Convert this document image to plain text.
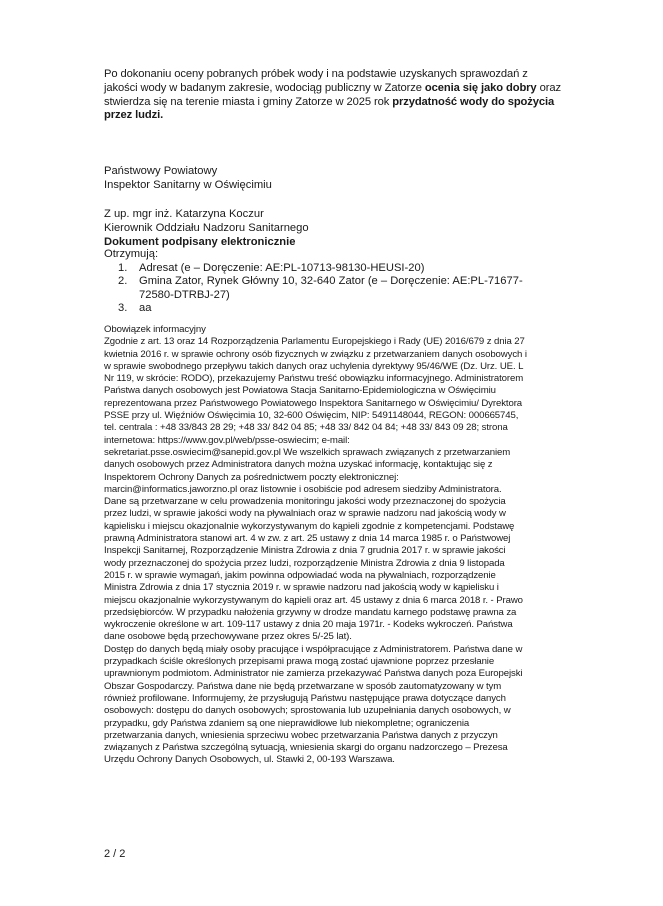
Po dokonaniu oceny pobranych próbek wody i na podstawie uzyskanych sprawozdań z
jakości wody w badanym zakresie, wodociąg publiczny w Zatorze ocenia się jako dobry oraz
stwierdza się na terenie miasta i gminy Zatorze w 2025 rok przydatność wody do spożycia
przez ludzi.
Państwowy Powiatowy
Inspektor Sanitarny w Oświęcimiu
Z up. mgr inż. Katarzyna Koczur
Kierownik Oddziału Nadzoru Sanitarnego
Dokument podpisany elektronicznie
Otrzymują:
1. Adresat (e – Doręczenie: AE:PL-10713-98130-HEUSI-20)
2. Gmina Zator, Rynek Główny 10, 32-640 Zator (e – Doręczenie: AE:PL-71677-
72580-DTRBJ-27)
3. aa
Obowiązek informacyjny
Zgodnie z art. 13 oraz 14 Rozporządzenia Parlamentu Europejskiego i Rady (UE) 2016/679 z dnia 27
kwietnia 2016 r. w sprawie ochrony osób fizycznych w związku z przetwarzaniem danych osobowych i
w sprawie swobodnego przepływu takich danych oraz uchylenia dyrektywy 95/46/WE (Dz. Urz. UE. L
Nr 119, w skrócie: RODO), przekazujemy Państwu treść obowiązku informacyjnego. Administratorem
Państwa danych osobowych jest Powiatowa Stacja Sanitarno-Epidemiologiczna w Oświęcimiu
reprezentowana przez Państwowego Powiatowego Inspektora Sanitarnego w Oświęcimiu/ Dyrektora
PSSE przy ul. Więźniów Oświęcimia 10, 32-600 Oświęcim, NIP: 5491148044, REGON: 000665745,
tel. centrala : +48 33/843 28 29; +48 33/ 842 04 85; +48 33/ 842 04 84; +48 33/ 843 09 28; strona
internetowa: https://www.gov.pl/web/psse-oswiecim; e-mail:
sekretariat.psse.oswiecim@sanepid.gov.pl We wszelkich sprawach związanych z przetwarzaniem
danych osobowych przez Administratora danych można uzyskać informację, kontaktując się z
Inspektorem Ochrony Danych za pośrednictwem poczty elektronicznej:
marcin@informatics.jaworzno.pl oraz listownie i osobiście pod adresem siedziby Administratora.
Dane są przetwarzane w celu prowadzenia monitoringu jakości wody przeznaczonej do spożycia
przez ludzi, w sprawie jakości wody na pływalniach oraz w sprawie nadzoru nad jakością wody w
kąpielisku i miejscu okazjonalnie wykorzystywanym do kąpieli zgodnie z kompetencjami. Podstawę
prawną Administratora stanowi art. 4 w zw. z art. 25 ustawy z dnia 14 marca 1985 r. o Państwowej
Inspekcji Sanitarnej, Rozporządzenie Ministra Zdrowia z dnia 7 grudnia 2017 r. w sprawie jakości
wody przeznaczonej do spożycia przez ludzi, rozporządzenie Ministra Zdrowia z dnia 9 listopada
2015 r. w sprawie wymagań, jakim powinna odpowiadać woda na pływalniach, rozporządzenie
Ministra Zdrowia z dnia 17 stycznia 2019 r. w sprawie nadzoru nad jakością wody w kąpielisku i
miejscu okazjonalnie wykorzystywanym do kąpieli oraz art. 45 ustawy z dnia 6 marca 2018 r. - Prawo
przedsiębiorców. W przypadku nałożenia grzywny w drodze mandatu karnego podstawę prawna za
wykroczenie określone w art. 109-117 ustawy z dnia 20 maja 1971r. - Kodeks wykroczeń. Państwa
dane osobowe będą przechowywane przez okres 5/-25 lat).
Dostęp do danych będą miały osoby pracujące i współpracujące z Administratorem. Państwa dane w
przypadkach ściśle określonych przepisami prawa mogą zostać ujawnione poprzez przesłanie
uprawnionym podmiotom. Administrator nie zamierza przekazywać Państwa danych poza Europejski
Obszar Gospodarczy. Państwa dane nie będą przetwarzane w sposób zautomatyzowany w tym
również profilowane. Informujemy, że przysługują Państwu następujące prawa dotyczące danych
osobowych: dostępu do danych osobowych; sprostowania lub uzupełniania danych osobowych, w
przypadku, gdy Państwa zdaniem są one nieprawidłowe lub niekompletne; ograniczenia
przetwarzania danych, wniesienia sprzeciwu wobec przetwarzania Państwa danych z przyczyn
związanych z Państwa szczególną sytuacją, wniesienia skargi do organu nadzorczego – Prezesa
Urzędu Ochrony Danych Osobowych, ul. Stawki 2, 00-193 Warszawa.
2 / 2
